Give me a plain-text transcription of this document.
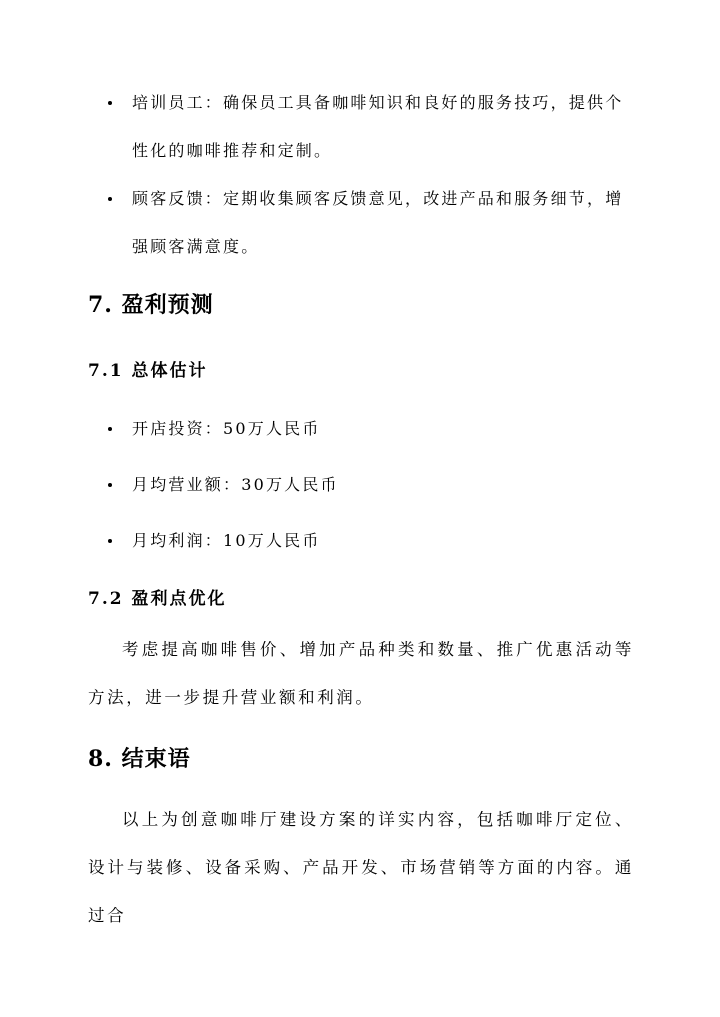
培训员工：确保员工具备咖啡知识和良好的服务技巧，提供个性化的咖啡推荐和定制。
顾客反馈：定期收集顾客反馈意见，改进产品和服务细节，增强顾客满意度。
7. 盈利预测
7.1 总体估计
开店投资：50万人民币
月均营业额：30万人民币
月均利润：10万人民币
7.2 盈利点优化
考虑提高咖啡售价、增加产品种类和数量、推广优惠活动等方法，进一步提升营业额和利润。
8. 结束语
以上为创意咖啡厅建设方案的详实内容，包括咖啡厅定位、设计与装修、设备采购、产品开发、市场营销等方面的内容。通过合
